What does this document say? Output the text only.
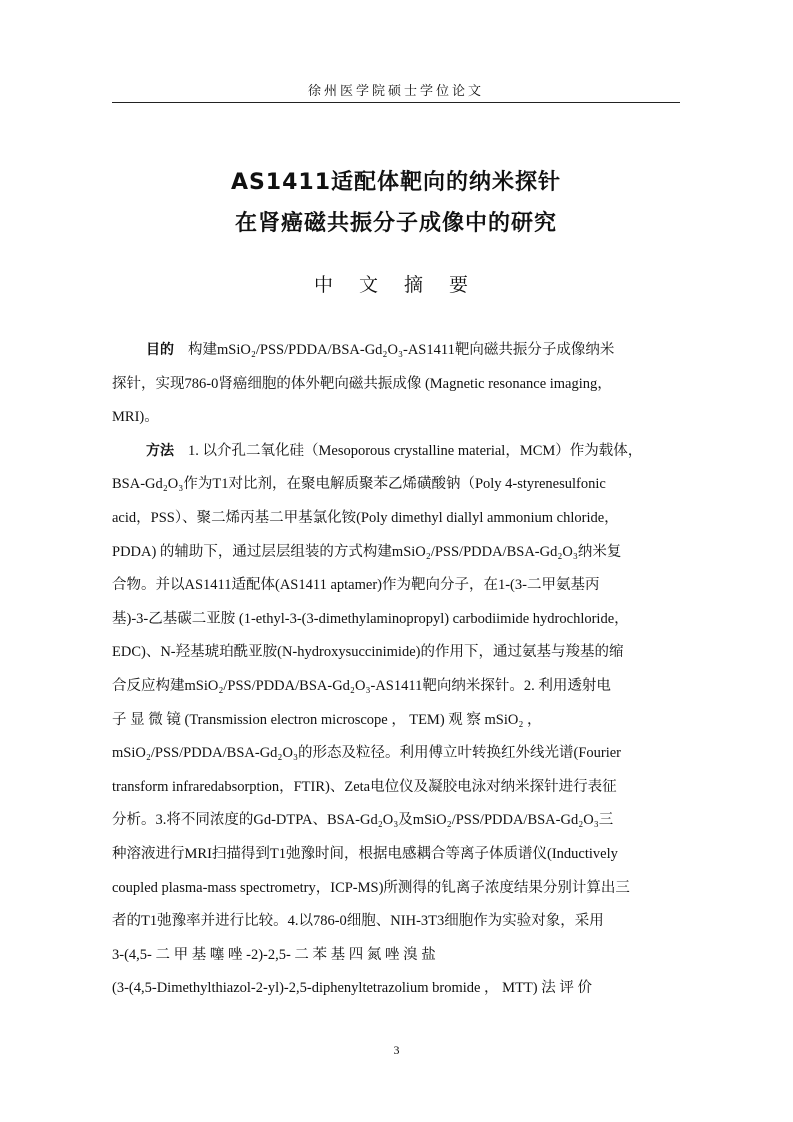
徐州医学院硕士学位论文
AS1411适配体靶向的纳米探针
在肾癌磁共振分子成像中的研究
中 文 摘 要
目的 构建mSiO₂/PSS/PDDA/BSA-Gd₂O₃-AS1411靶向磁共振分子成像纳米
探针，实现786-0肾癌细胞的体外靶向磁共振成像 (Magnetic resonance imaging，
MRI)。
方法 1. 以介孔二氧化硅（Mesoporous crystalline material，MCM）作为载体，
BSA-Gd₂O₃作为T1对比剂，在聚电解质聚苯乙烯磺酸钠（Poly 4-styrenesulfonic
acid，PSS）、聚二烯丙基二甲基氯化铵(Poly dimethyl diallyl ammonium chloride，
PDDA) 的辅助下，通过层层组装的方式构建mSiO₂/PSS/PDDA/BSA-Gd₂O₃纳米复
合物。并以AS1411适配体(AS1411 aptamer)作为靶向分子，在1-(3-二甲氨基丙
基)-3-乙基碳二亚胺 (1-ethyl-3-(3-dimethylaminopropyl) carbodiimide hydrochloride，
EDC)、N-羟基琥珀酰亚胺(N-hydroxysuccinimide)的作用下，通过氨基与羧基的缩
合反应构建mSiO₂/PSS/PDDA/BSA-Gd₂O₃-AS1411靶向纳米探针。2. 利用透射电
子 显 微 镜 (Transmission electron microscope ， TEM) 观 察 mSiO₂ ，
mSiO₂/PSS/PDDA/BSA-Gd₂O₃的形态及粒径。利用傅立叶转换红外线光谱(Fourier
transform infraredabsorption，FTIR)、Zeta电位仪及凝胶电泳对纳米探针进行表征
分析。3.将不同浓度的Gd-DTPA、BSA-Gd₂O₃及mSiO₂/PSS/PDDA/BSA-Gd₂O₃三
种溶液进行MRI扫描得到T1弛豫时间，根据电感耦合等离子体质谱仪(Inductively
coupled plasma-mass spectrometry，ICP-MS)所测得的钆离子浓度结果分别计算出三
者的T1弛豫率并进行比较。4.以786-0细胞、NIH-3T3细胞作为实验对象，采用
3-(4,5- 二 甲 基 噻 唑 -2)-2,5- 二 苯 基 四 氮 唑 溴 盐
(3-(4,5-Dimethylthiazol-2-yl)-2,5-diphenyltetrazolium bromide ， MTT) 法 评 价
3
